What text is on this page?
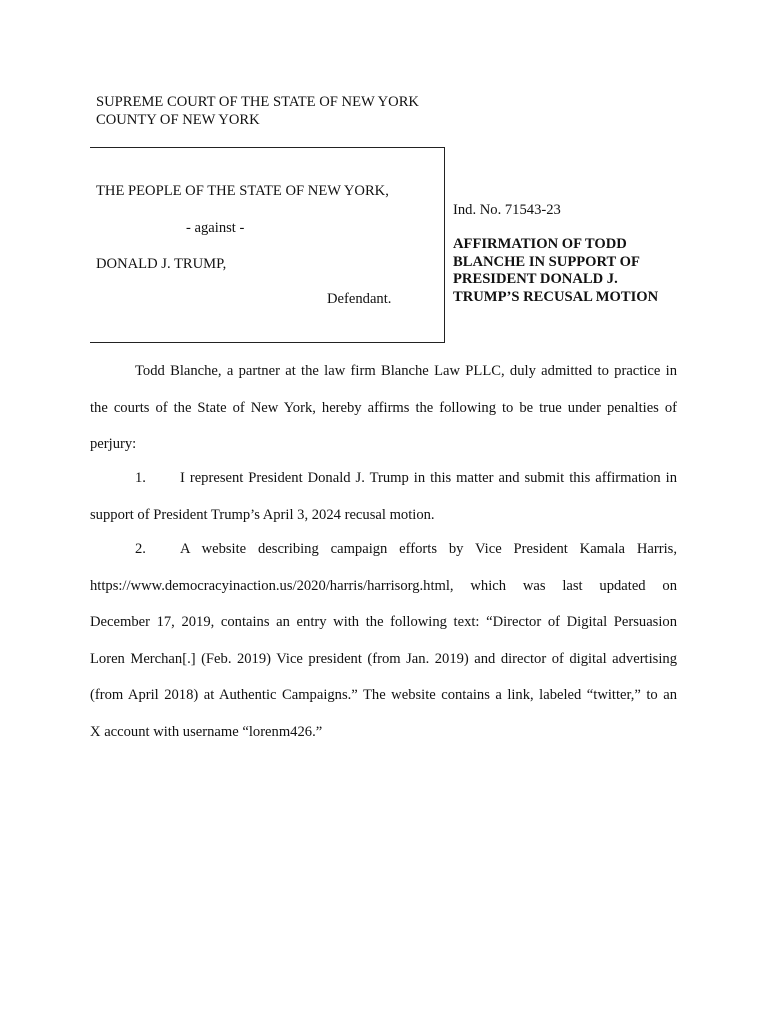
SUPREME COURT OF THE STATE OF NEW YORK
COUNTY OF NEW YORK
THE PEOPLE OF THE STATE OF NEW YORK,
- against -
DONALD J. TRUMP,
Defendant.
Ind. No. 71543-23
AFFIRMATION OF TODD
BLANCHE IN SUPPORT OF
PRESIDENT DONALD J.
TRUMP’S RECUSAL MOTION
Todd Blanche, a partner at the law firm Blanche Law PLLC, duly admitted to practice in
the courts of the State of New York, hereby affirms the following to be true under penalties of
perjury:
1. I represent President Donald J. Trump in this matter and submit this affirmation in
support of President Trump’s April 3, 2024 recusal motion.
2. A website describing campaign efforts by Vice President Kamala Harris,
https://www.democracyinaction.us/2020/harris/harrisorg.html, which was last updated on
December 17, 2019, contains an entry with the following text: “Director of Digital Persuasion
Loren Merchan[.] (Feb. 2019) Vice president (from Jan. 2019) and director of digital advertising
(from April 2018) at Authentic Campaigns.” The website contains a link, labeled “twitter,” to an
X account with username “lorenm426.”
